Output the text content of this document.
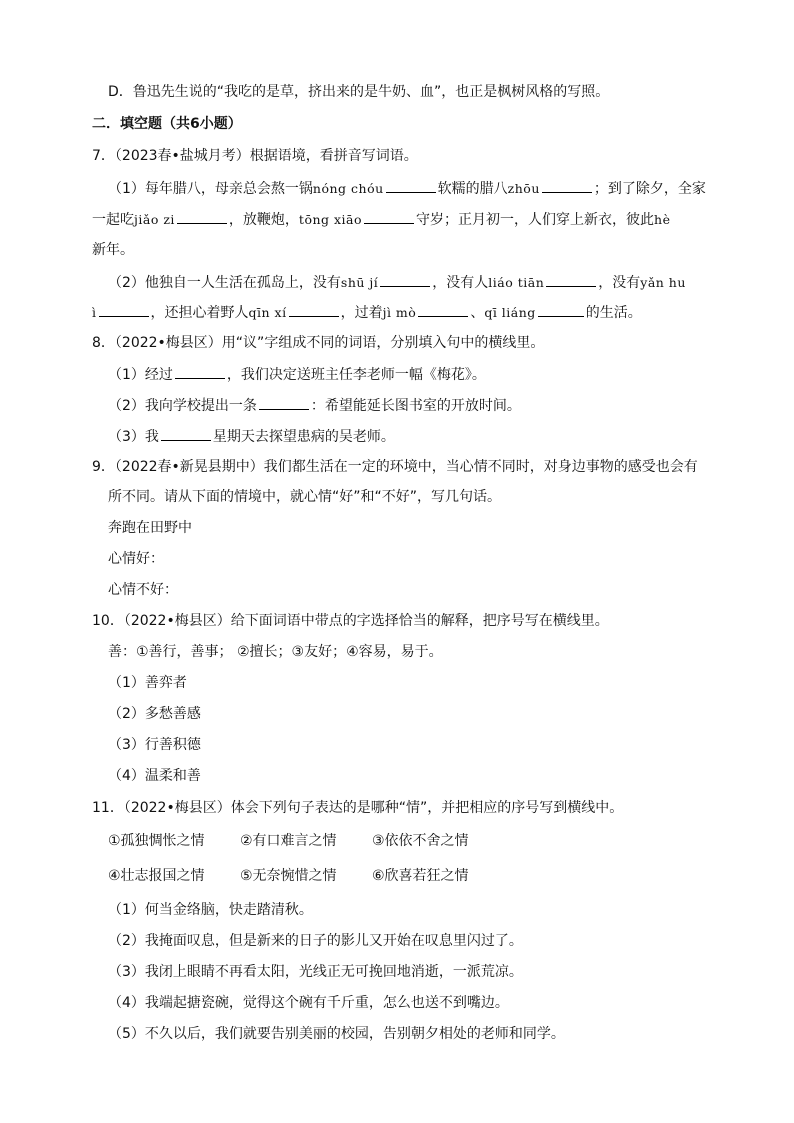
D．鲁迅先生说的“我吃的是草，挤出来的是牛奶、血”，也正是枫树风格的写照。
二．填空题（共6小题）
7．（2023春•盐城月考）根据语境，看拼音写词语。
（1）每年腊八，母亲总会熬一锅nóng chóu	软糯的腊八zhōu	；到了除夕，全家
一起吃jiǎo zi	，放鞭炮，tōng xiāo	守岁；正月初一，人们穿上新衣，彼此hè
新年。
（2）他独自一人生活在孤岛上，没有shū jí	，没有人liáo tiān	，没有yǎn hu
ì	，还担心着野人qīn xí	，过着jì mò	、qī liáng	的生活。
8．（2022•梅县区）用“议”字组成不同的词语，分别填入句中的横线里。
（1）经过	，我们决定送班主任李老师一幅《梅花》。
（2）我向学校提出一条	：希望能延长图书室的开放时间。
（3）我	星期天去探望患病的吴老师。
9．（2022春•新晃县期中）我们都生活在一定的环境中，当心情不同时，对身边事物的感受也会有
所不同。请从下面的情境中，就心情“好”和“不好”，写几句话。
奔跑在田野中
心情好：
心情不好：
10．（2022•梅县区）给下面词语中带点的字选择恰当的解释，把序号写在横线里。
善：①善行，善事； ②擅长；③友好；④容易，易于。
（1）善弈者
（2）多愁善感
（3）行善积德
（4）温柔和善
11．（2022•梅县区）体会下列句子表达的是哪种“情”，并把相应的序号写到横线中。
①孤独惆怅之情	②有口难言之情	③依依不舍之情
④壮志报国之情	⑤无奈惋惜之情	⑥欣喜若狂之情
（1）何当金络脑，快走踏清秋。
（2）我掩面叹息，但是新来的日子的影儿又开始在叹息里闪过了。
（3）我闭上眼睛不再看太阳，光线正无可挽回地消逝，一派荒凉。
（4）我端起搪瓷碗，觉得这个碗有千斤重，怎么也送不到嘴边。
（5）不久以后，我们就要告别美丽的校园，告别朝夕相处的老师和同学。
